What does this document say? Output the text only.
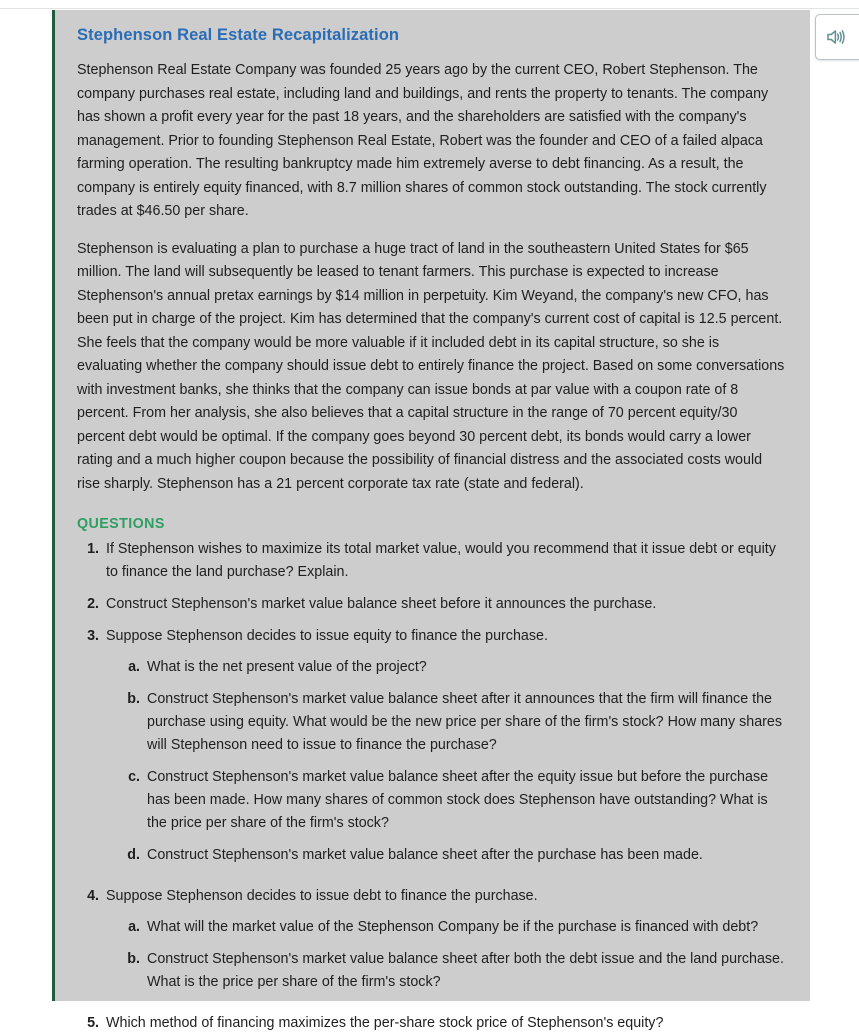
Stephenson Real Estate Recapitalization

Stephenson Real Estate Company was founded 25 years ago by the current CEO, Robert Stephenson. The company purchases real estate, including land and buildings, and rents the property to tenants. The company has shown a profit every year for the past 18 years, and the shareholders are satisfied with the company's management. Prior to founding Stephenson Real Estate, Robert was the founder and CEO of a failed alpaca farming operation. The resulting bankruptcy made him extremely averse to debt financing. As a result, the company is entirely equity financed, with 8.7 million shares of common stock outstanding. The stock currently trades at $46.50 per share.

Stephenson is evaluating a plan to purchase a huge tract of land in the southeastern United States for $65 million. The land will subsequently be leased to tenant farmers. This purchase is expected to increase Stephenson's annual pretax earnings by $14 million in perpetuity. Kim Weyand, the company's new CFO, has been put in charge of the project. Kim has determined that the company's current cost of capital is 12.5 percent. She feels that the company would be more valuable if it included debt in its capital structure, so she is evaluating whether the company should issue debt to entirely finance the project. Based on some conversations with investment banks, she thinks that the company can issue bonds at par value with a coupon rate of 8 percent. From her analysis, she also believes that a capital structure in the range of 70 percent equity/30 percent debt would be optimal. If the company goes beyond 30 percent debt, its bonds would carry a lower rating and a much higher coupon because the possibility of financial distress and the associated costs would rise sharply. Stephenson has a 21 percent corporate tax rate (state and federal).

QUESTIONS
1. If Stephenson wishes to maximize its total market value, would you recommend that it issue debt or equity to finance the land purchase? Explain.
2. Construct Stephenson's market value balance sheet before it announces the purchase.
3. Suppose Stephenson decides to issue equity to finance the purchase.
a. What is the net present value of the project?
b. Construct Stephenson's market value balance sheet after it announces that the firm will finance the purchase using equity. What would be the new price per share of the firm's stock? How many shares will Stephenson need to issue to finance the purchase?
c. Construct Stephenson's market value balance sheet after the equity issue but before the purchase has been made. How many shares of common stock does Stephenson have outstanding? What is the price per share of the firm's stock?
d. Construct Stephenson's market value balance sheet after the purchase has been made.
4. Suppose Stephenson decides to issue debt to finance the purchase.
a. What will the market value of the Stephenson Company be if the purchase is financed with debt?
b. Construct Stephenson's market value balance sheet after both the debt issue and the land purchase. What is the price per share of the firm's stock?
5. Which method of financing maximizes the per-share stock price of Stephenson's equity?
